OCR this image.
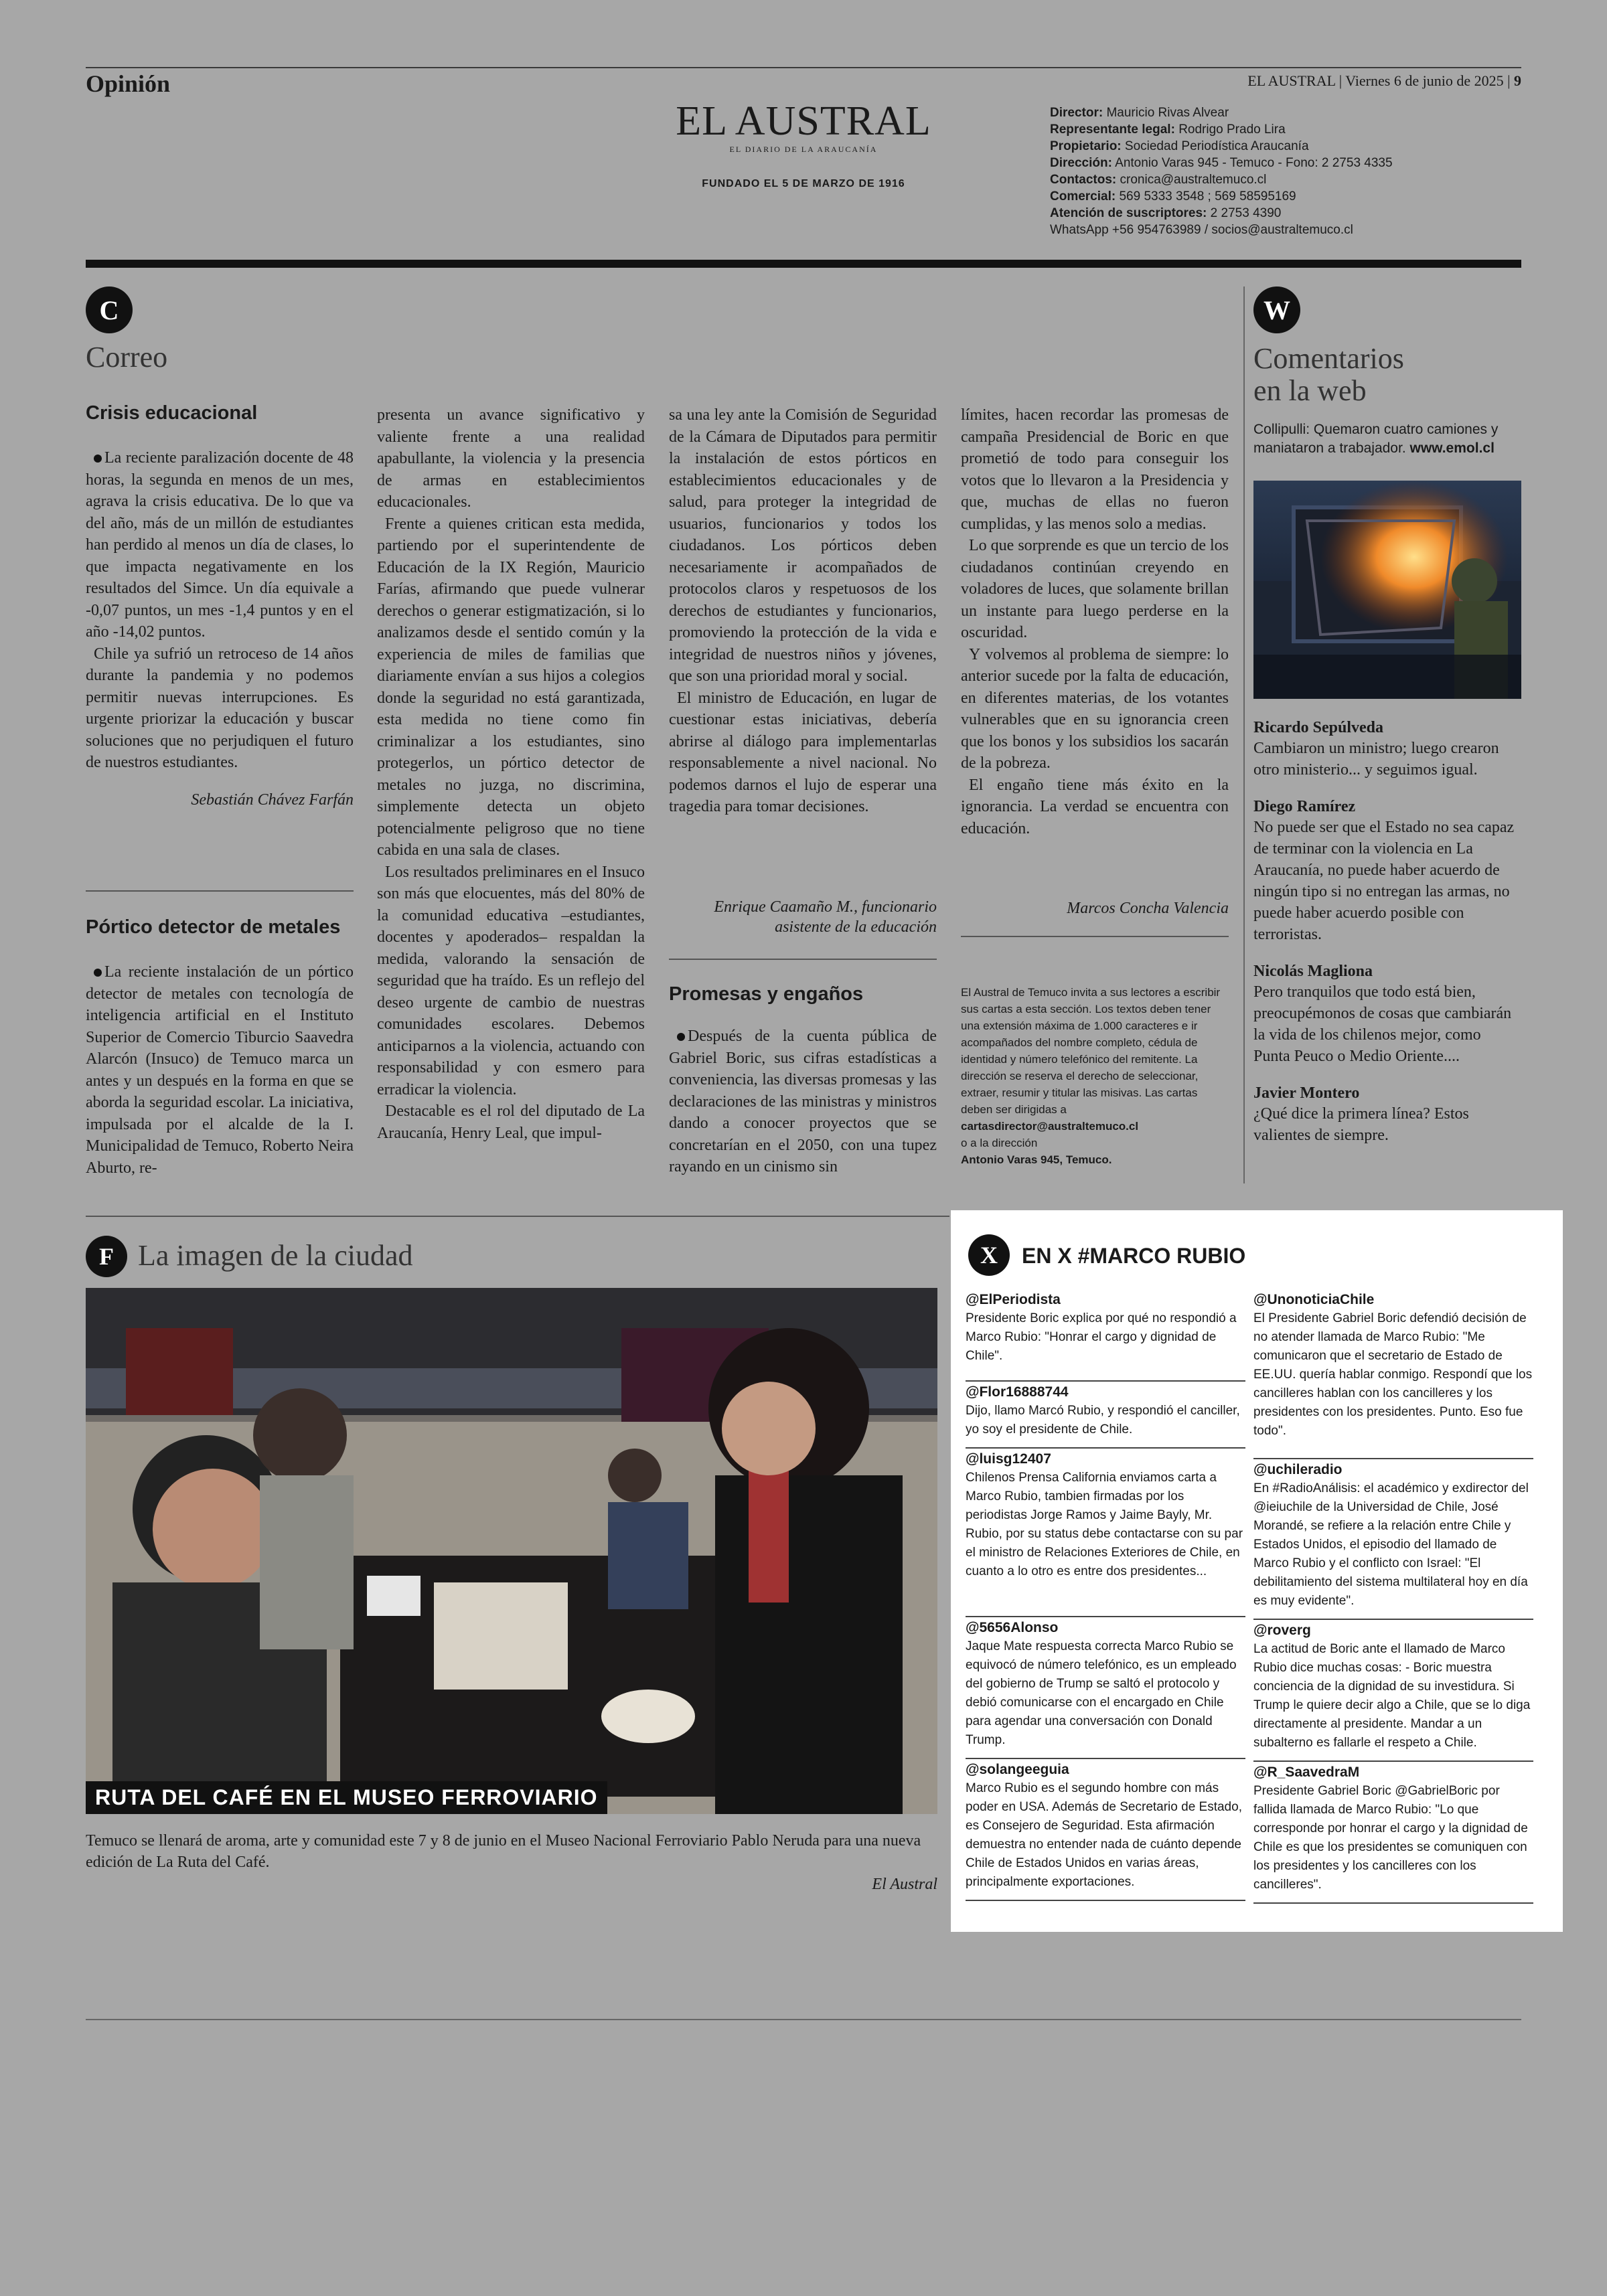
Opinión	EL AUSTRAL | Viernes 6 de junio de 2025 | 9
EL AUSTRAL
EL DIARIO DE LA ARAUCANÍA
FUNDADO EL 5 DE MARZO DE 1916
Director: Mauricio Rivas Alvear
Representante legal: Rodrigo Prado Lira
Propietario: Sociedad Periodística Araucanía
Dirección: Antonio Varas 945 - Temuco - Fono: 2 2753 4335
Contactos: cronica@australtemuco.cl
Comercial: 569 5333 3548 ; 569 58595169
Atención de suscriptores: 2 2753 4390
WhatsApp +56 954763989 / socios@australtemuco.cl
C
Correo
Crisis educacional

La reciente paralización docente de 48 horas, la segunda en menos de un mes, agrava la crisis educativa. De lo que va del año, más de un millón de estudiantes han perdido al menos un día de clases, lo que impacta negativamente en los resultados del Simce. Un día equivale a -0,07 puntos, un mes -1,4 puntos y en el año -14,02 puntos.

Chile ya sufrió un retroceso de 14 años durante la pandemia y no podemos permitir nuevas interrupciones. Es urgente priorizar la educación y buscar soluciones que no perjudiquen el futuro de nuestros estudiantes.

Sebastián Chávez Farfán
Pórtico detector de metales

La reciente instalación de un pórtico detector de metales con tecnología de inteligencia artificial en el Instituto Superior de Comercio Tiburcio Saavedra Alarcón (Insuco) de Temuco marca un antes y un después en la forma en que se aborda la seguridad escolar. La iniciativa, impulsada por el alcalde de la I. Municipalidad de Temuco, Roberto Neira Aburto, re-

presenta un avance significativo y valiente frente a una realidad apabullante, la violencia y la presencia de armas en establecimientos educacionales.

Frente a quienes critican esta medida, partiendo por el superintendente de Educación de la IX Región, Mauricio Farías, afirmando que puede vulnerar derechos o generar estigmatización, si lo analizamos desde el sentido común y la experiencia de miles de familias que diariamente envían a sus hijos a colegios donde la seguridad no está garantizada, esta medida no tiene como fin criminalizar a los estudiantes, sino protegerlos, un pórtico detector de metales no juzga, no discrimina, simplemente detecta un objeto potencialmente peligroso que no tiene cabida en una sala de clases.

Los resultados preliminares en el Insuco son más que elocuentes, más del 80% de la comunidad educativa –estudiantes, docentes y apoderados– respaldan la medida, valorando la sensación de seguridad que ha traído. Es un reflejo del deseo urgente de cambio de nuestras comunidades escolares. Debemos anticiparnos a la violencia, actuando con responsabilidad y con esmero para erradicar la violencia.

Destacable es el rol del diputado de La Araucanía, Henry Leal, que impul-

sa una ley ante la Comisión de Seguridad de la Cámara de Diputados para permitir la instalación de estos pórticos en establecimientos educacionales y de salud, para proteger la integridad de usuarios, funcionarios y todos los ciudadanos. Los pórticos deben necesariamente ir acompañados de protocolos claros y respetuosos de los derechos de estudiantes y funcionarios, promoviendo la protección de la vida e integridad de nuestros niños y jóvenes, que son una prioridad moral y social.

El ministro de Educación, en lugar de cuestionar estas iniciativas, debería abrirse al diálogo para implementarlas responsablemente a nivel nacional. No podemos darnos el lujo de esperar una tragedia para tomar decisiones.

Enrique Caamaño M., funcionario asistente de la educación
Promesas y engaños

Después de la cuenta pública de Gabriel Boric, sus cifras estadísticas a conveniencia, las diversas promesas y las declaraciones de las ministras y ministros dando a conocer proyectos que se concretarían en el 2050, con una tupez rayando en un cinismo sin

límites, hacen recordar las promesas de campaña Presidencial de Boric en que prometió de todo para conseguir los votos que lo llevaron a la Presidencia y que, muchas de ellas no fueron cumplidas, y las menos solo a medias.

Lo que sorprende es que un tercio de los ciudadanos continúan creyendo en voladores de luces, que solamente brillan un instante para luego perderse en la oscuridad.

Y volvemos al problema de siempre: lo anterior sucede por la falta de educación, en diferentes materias, de los votantes vulnerables que en su ignorancia creen que los bonos y los subsidios los sacarán de la pobreza.

El engaño tiene más éxito en la ignorancia. La verdad se encuentra con educación.

Marcos Concha Valencia
El Austral de Temuco invita a sus lectores a escribir sus cartas a esta sección. Los textos deben tener una extensión máxima de 1.000 caracteres e ir acompañados del nombre completo, cédula de identidad y número telefónico del remitente. La dirección se reserva el derecho de seleccionar, extraer, resumir y titular las misivas. Las cartas deben ser dirigidas a
cartasdirector@australtemuco.cl
o a la dirección
Antonio Varas 945, Temuco.
W
Comentarios
en la web
Collipulli: Quemaron cuatro camiones y maniataron a trabajador. www.emol.cl
Ricardo Sepúlveda
Cambiaron un ministro; luego crearon otro ministerio... y seguimos igual.
Diego Ramírez
No puede ser que el Estado no sea capaz de terminar con la violencia en La Araucanía, no puede haber acuerdo de ningún tipo si no entregan las armas, no puede haber acuerdo posible con terroristas.
Nicolás Magliona
Pero tranquilos que todo está bien, preocupémonos de cosas que cambiarán la vida de los chilenos mejor, como Punta Peuco o Medio Oriente....
Javier Montero
¿Qué dice la primera línea? Estos valientes de siempre.
F La imagen de la ciudad
RUTA DEL CAFÉ EN EL MUSEO FERROVIARIO
Temuco se llenará de aroma, arte y comunidad este 7 y 8 de junio en el Museo Nacional Ferroviario Pablo Neruda para una nueva edición de La Ruta del Café.
El Austral
X	EN X #MARCO RUBIO
@ElPeriodista
Presidente Boric explica por qué no respondió a Marco Rubio: "Honrar el cargo y dignidad de Chile".
@Flor16888744
Dijo, llamo Marcó Rubio, y respondió el canciller, yo soy el presidente de Chile.
@luisg12407
Chilenos Prensa California enviamos carta a Marco Rubio, tambien firmadas por los periodistas Jorge Ramos y Jaime Bayly, Mr. Rubio, por su status debe contactarse con su par el ministro de Relaciones Exteriores de Chile, en cuanto a lo otro es entre dos presidentes...
@5656Alonso
Jaque Mate respuesta correcta Marco Rubio se equivocó de número telefónico, es un empleado del gobierno de Trump se saltó el protocolo y debió comunicarse con el encargado en Chile para agendar una conversación con Donald Trump.
@solangeeguia
Marco Rubio es el segundo hombre con más poder en USA. Además de Secretario de Estado, es Consejero de Seguridad. Esta afirmación demuestra no entender nada de cuánto depende Chile de Estados Unidos en varias áreas, principalmente exportaciones.
@UnonoticiaChile
El Presidente Gabriel Boric defendió decisión de no atender llamada de Marco Rubio: "Me comunicaron que el secretario de Estado de EE.UU. quería hablar conmigo. Respondí que los cancilleres hablan con los cancilleres y los presidentes con los presidentes. Punto. Eso fue todo".
@uchileradio
En #RadioAnálisis: el académico y exdirector del @ieiuchile de la Universidad de Chile, José Morandé, se refiere a la relación entre Chile y Estados Unidos, el episodio del llamado de Marco Rubio y el conflicto con Israel: "El debilitamiento del sistema multilateral hoy en día es muy evidente".
@roverg
La actitud de Boric ante el llamado de Marco Rubio dice muchas cosas: - Boric muestra conciencia de la dignidad de su investidura. Si Trump le quiere decir algo a Chile, que se lo diga directamente al presidente. Mandar a un subalterno es fallarle el respeto a Chile.
@R_SaavedraM
Presidente Gabriel Boric @GabrielBoric por fallida llamada de Marco Rubio: "Lo que corresponde por honrar el cargo y la dignidad de Chile es que los presidentes se comuniquen con los presidentes y los cancilleres con los cancilleres".
